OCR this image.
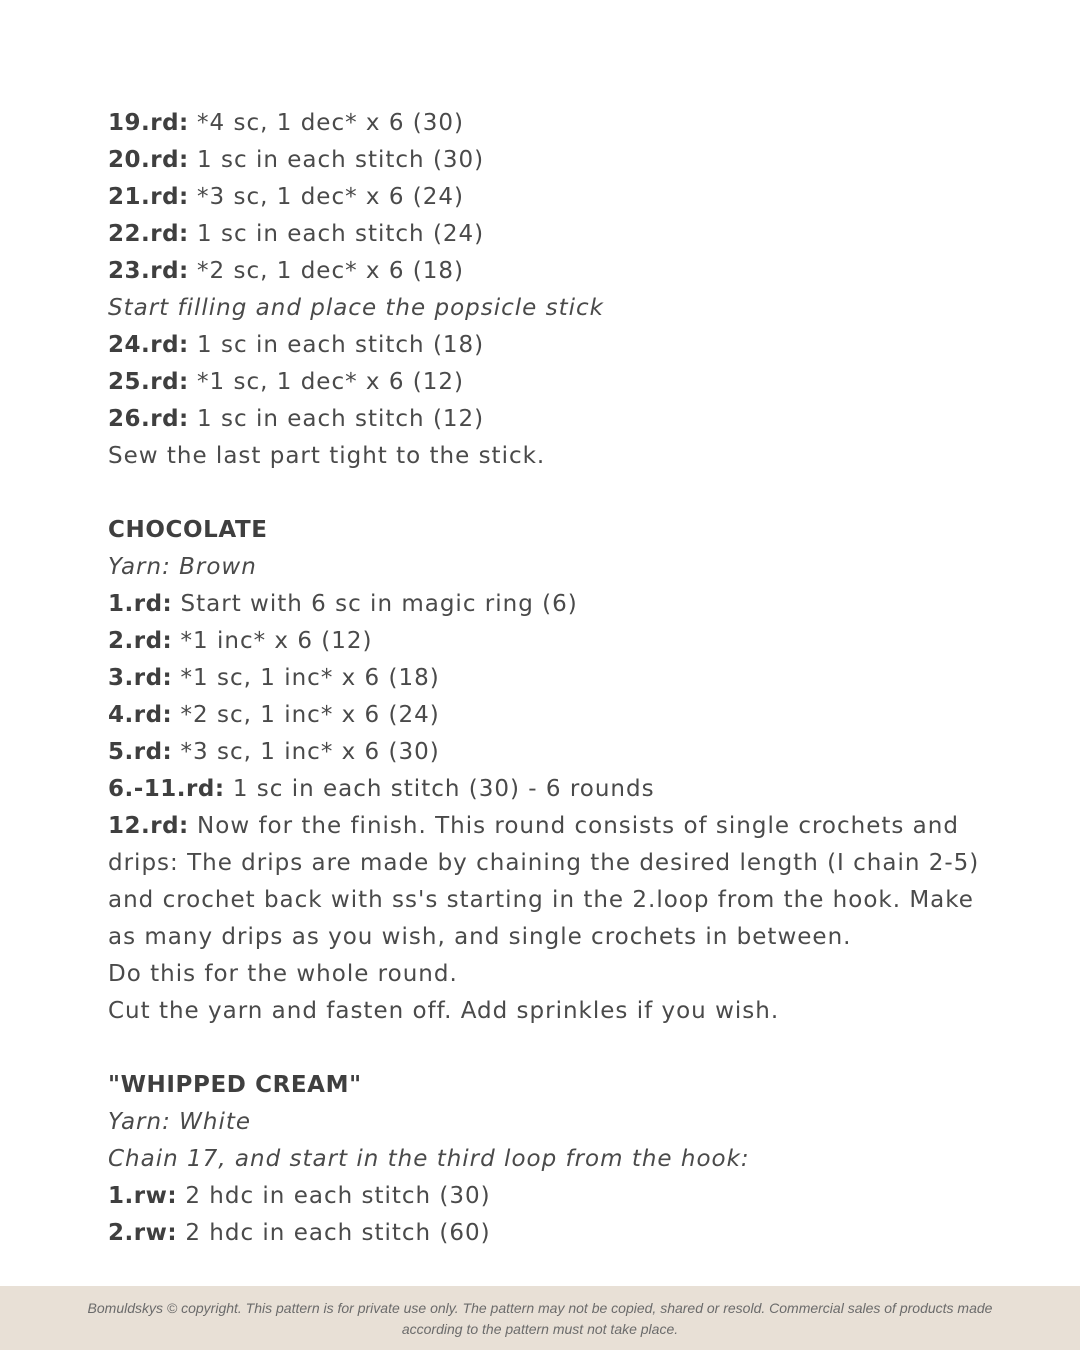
19.rd: *4 sc, 1 dec* x 6 (30)
20.rd: 1 sc in each stitch (30)
21.rd: *3 sc, 1 dec* x 6 (24)
22.rd: 1 sc in each stitch (24)
23.rd: *2 sc, 1 dec* x 6 (18)
Start filling and place the popsicle stick
24.rd: 1 sc in each stitch (18)
25.rd: *1 sc, 1 dec* x 6 (12)
26.rd: 1 sc in each stitch (12)
Sew the last part tight to the stick.
CHOCOLATE
Yarn: Brown
1.rd: Start with 6 sc in magic ring (6)
2.rd: *1 inc* x 6 (12)
3.rd: *1 sc, 1 inc* x 6 (18)
4.rd: *2 sc, 1 inc* x 6 (24)
5.rd: *3 sc, 1 inc* x 6 (30)
6.-11.rd: 1 sc in each stitch (30) - 6 rounds
12.rd: Now for the finish. This round consists of single crochets and drips: The drips are made by chaining the desired length (I chain 2-5) and crochet back with ss's starting in the 2.loop from the hook. Make as many drips as you wish, and single crochets in between.
Do this for the whole round.
Cut the yarn and fasten off. Add sprinkles if you wish.
"WHIPPED CREAM"
Yarn: White
Chain 17, and start in the third loop from the hook:
1.rw: 2 hdc in each stitch (30)
2.rw: 2 hdc in each stitch (60)
Bomuldskys © copyright. This pattern is for private use only. The pattern may not be copied, shared or resold. Commercial sales of products made according to the pattern must not take place.
